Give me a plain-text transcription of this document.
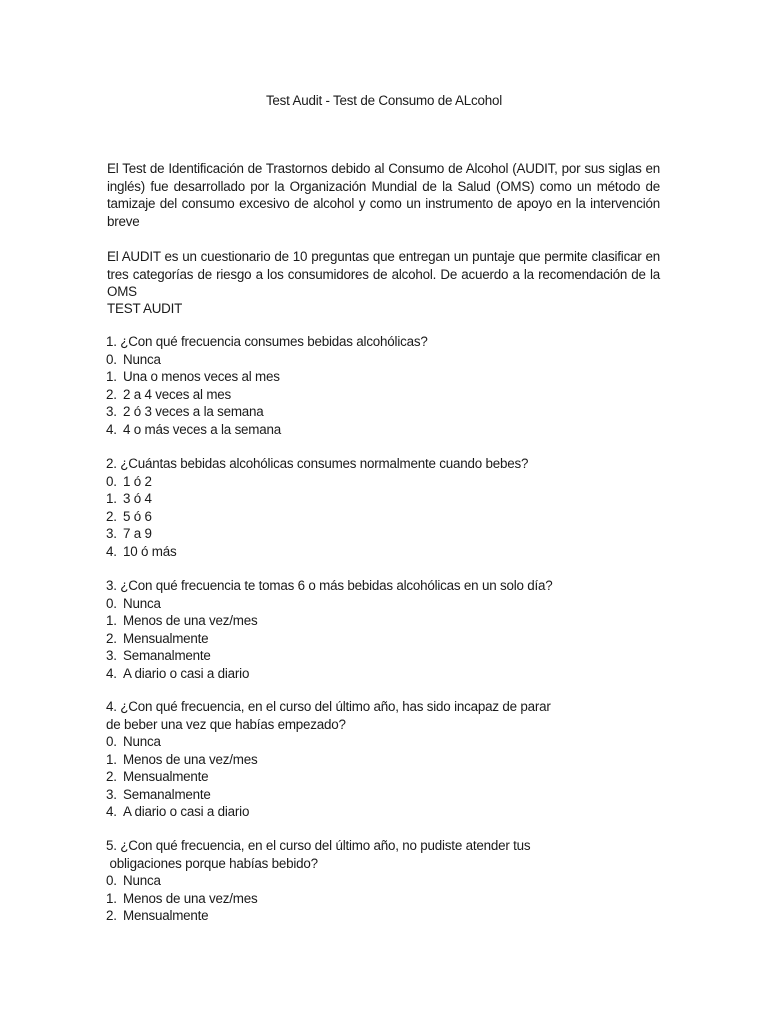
Test Audit - Test de Consumo de ALcohol

El Test de Identificación de Trastornos debido al Consumo de Alcohol (AUDIT, por sus siglas en inglés) fue desarrollado por la Organización Mundial de la Salud (OMS) como un método de tamizaje del consumo excesivo de alcohol y como un instrumento de apoyo en la intervención breve

El AUDIT es un cuestionario de 10 preguntas que entregan un puntaje que permite clasificar en tres categorías de riesgo a los consumidores de alcohol. De acuerdo a la recomendación de la OMS

TEST AUDIT

1. ¿Con qué frecuencia consumes bebidas alcohólicas?

0. Nunca
1. Una o menos veces al mes
2. 2 a 4 veces al mes
3. 2 ó 3 veces a la semana
4. 4 o más veces a la semana

2. ¿Cuántas bebidas alcohólicas consumes normalmente cuando bebes?

0. 1 ó 2
1. 3 ó 4
2. 5 ó 6
3. 7 a 9
4. 10 ó más

3. ¿Con qué frecuencia te tomas 6 o más bebidas alcohólicas en un solo día?

0. Nunca
1. Menos de una vez/mes
2. Mensualmente
3. Semanalmente
4. A diario o casi a diario

4. ¿Con qué frecuencia, en el curso del último año, has sido incapaz de parar
de beber una vez que habías empezado?

0. Nunca
1. Menos de una vez/mes
2. Mensualmente
3. Semanalmente
4. A diario o casi a diario

5. ¿Con qué frecuencia, en el curso del último año, no pudiste atender tus
obligaciones porque habías bebido?

0. Nunca
1. Menos de una vez/mes
2. Mensualmente
